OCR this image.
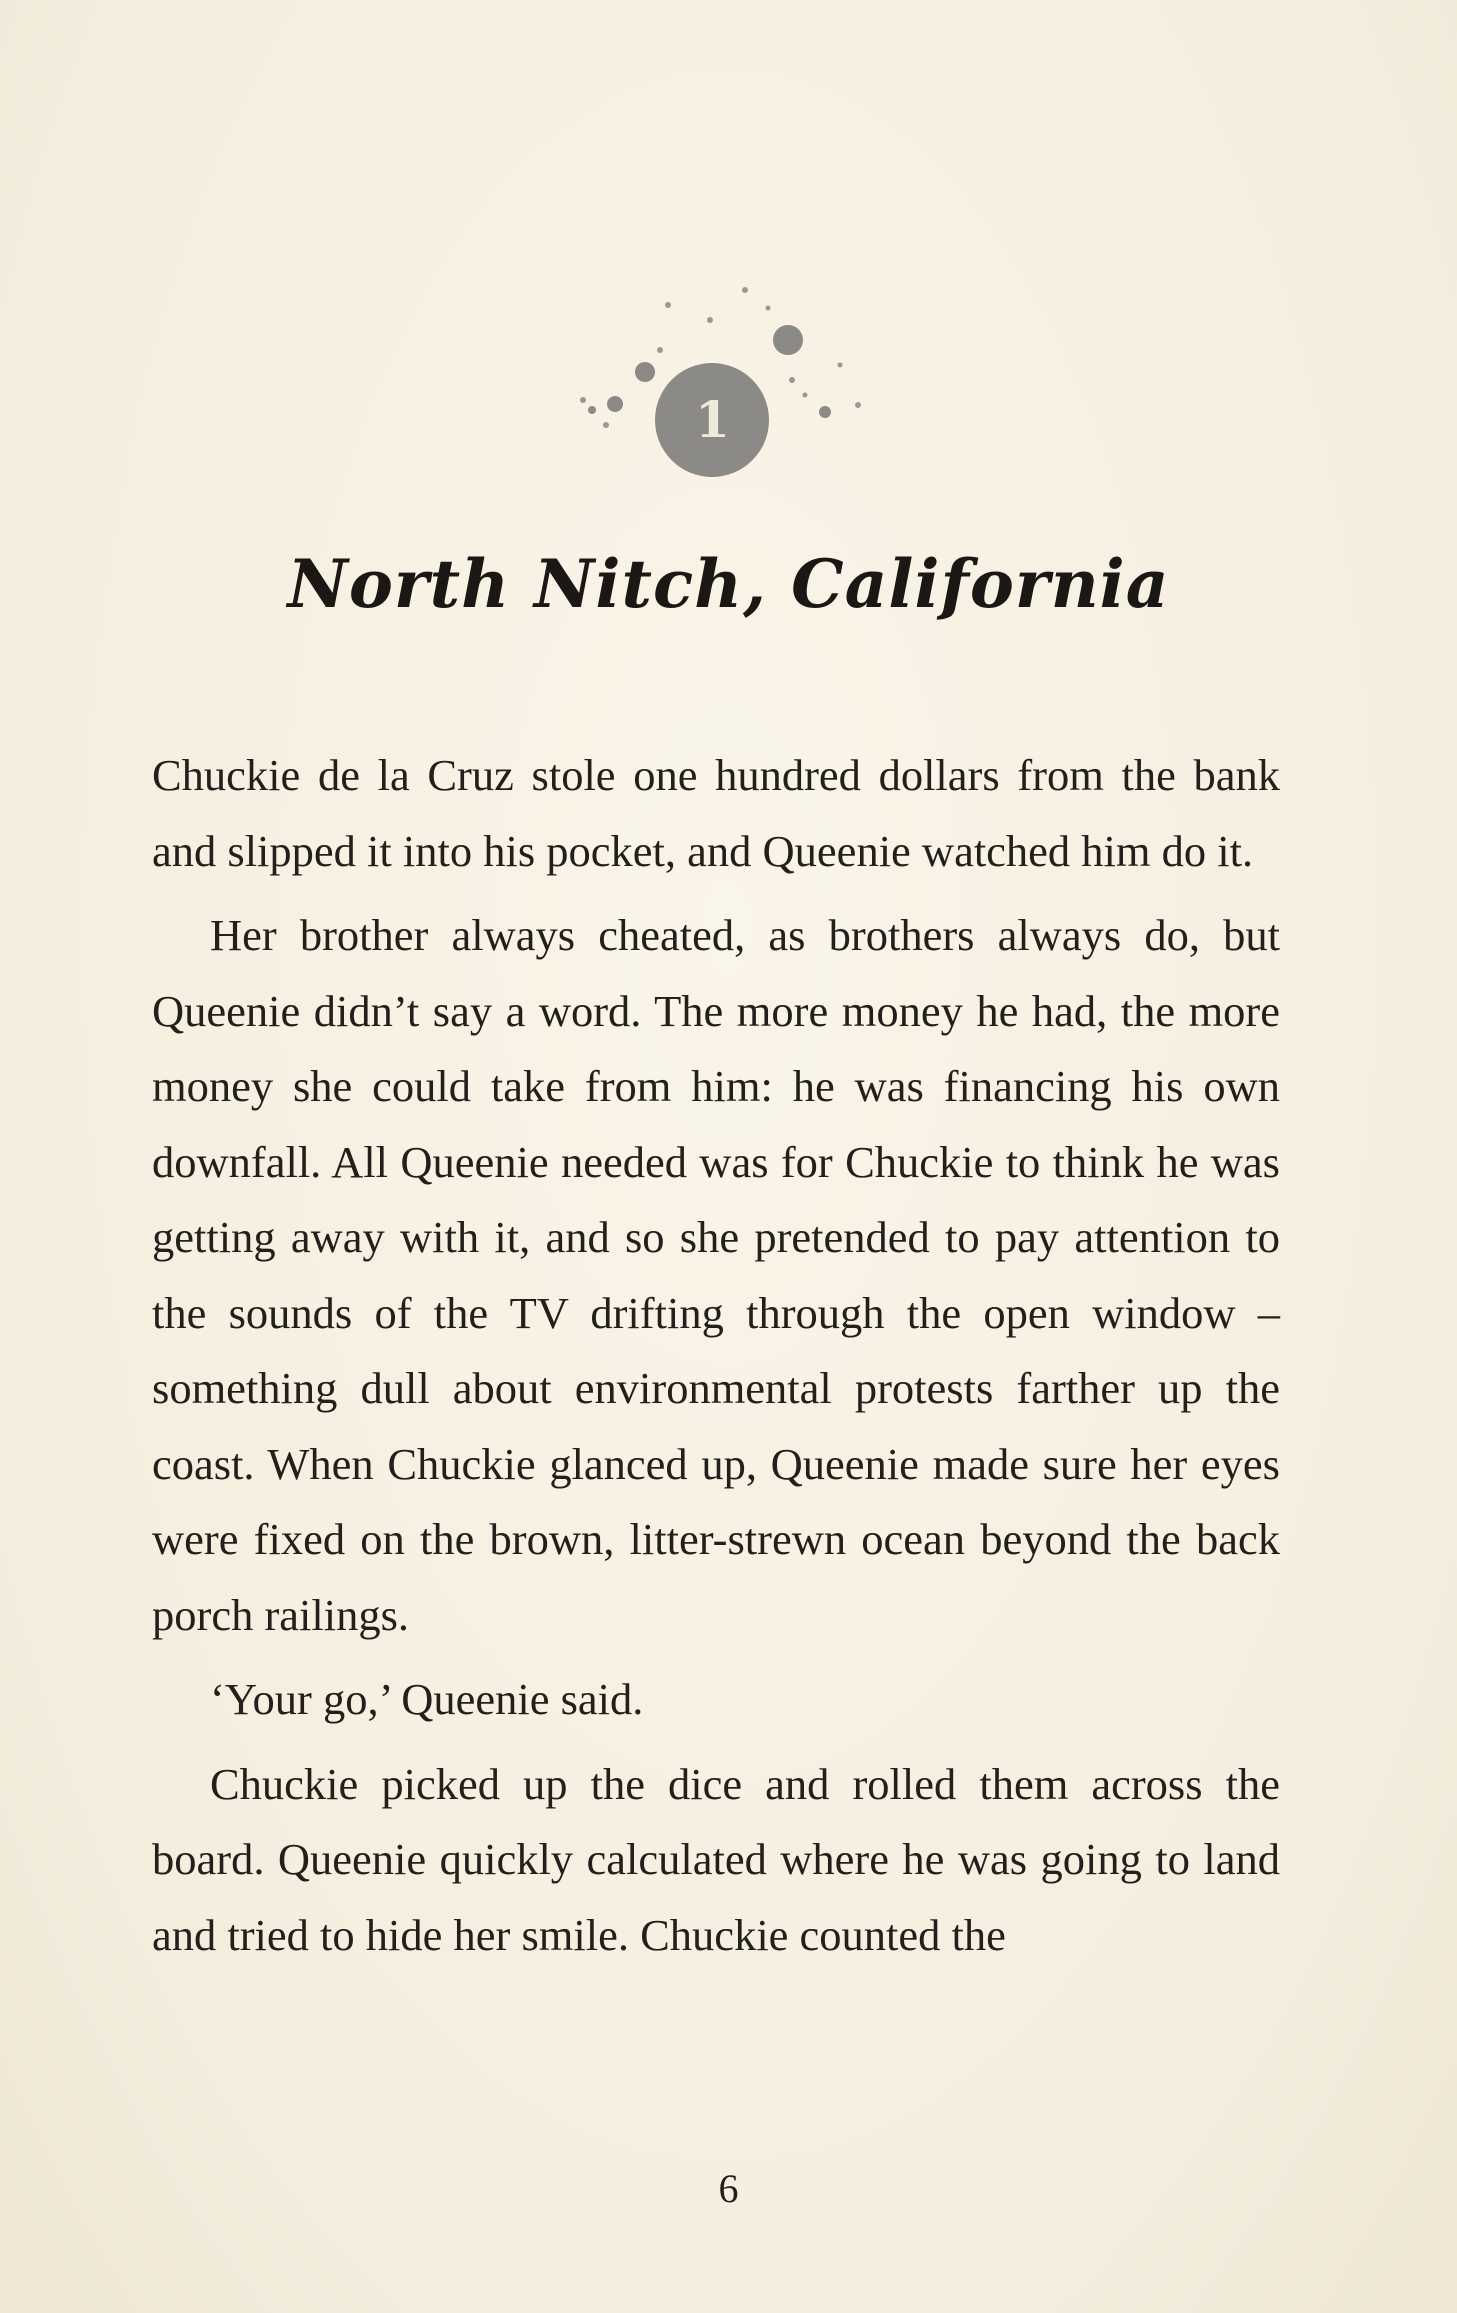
1
North Nitch, California

Chuckie de la Cruz stole one hundred dollars from the bank and slipped it into his pocket, and Queenie watched him do it.

Her brother always cheated, as brothers always do, but Queenie didn’t say a word. The more money he had, the more money she could take from him: he was financing his own downfall. All Queenie needed was for Chuckie to think he was getting away with it, and so she pretended to pay attention to the sounds of the TV drifting through the open window – something dull about environmental protests farther up the coast. When Chuckie glanced up, Queenie made sure her eyes were fixed on the brown, litter-strewn ocean beyond the back porch railings.

‘Your go,’ Queenie said.

Chuckie picked up the dice and rolled them across the board. Queenie quickly calculated where he was going to land and tried to hide her smile. Chuckie counted the

6
